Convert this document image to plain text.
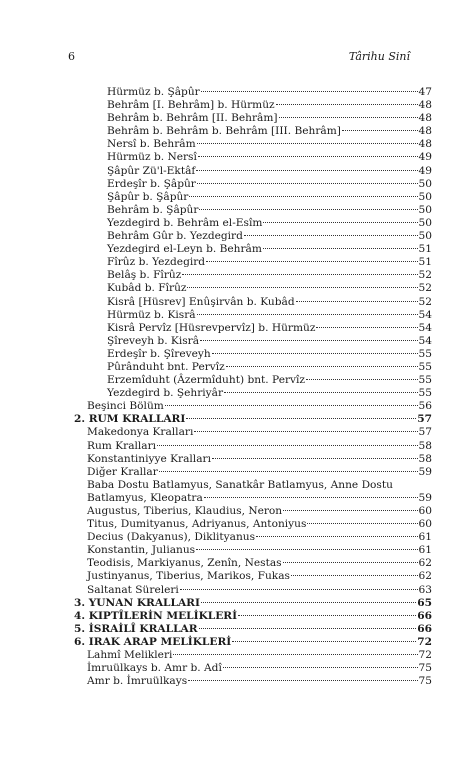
6	Târihu Sinî
Hürmüz b. Şâpûr	47
Behrâm [I. Behrâm] b. Hürmüz	48
Behrâm b. Behrâm [II. Behrâm]	48
Behrâm b. Behrâm b. Behrâm [III. Behrâm]	48
Nersî b. Behrâm	48
Hürmüz b. Nersî	49
Şâpûr Zü'l-Ektâf	49
Erdeşîr b. Şâpûr	50
Şâpûr b. Şâpûr	50
Behrâm b. Şâpûr	50
Yezdegird b. Behrâm el-Esîm	50
Behrâm Gûr b. Yezdegird	50
Yezdegird el-Leyn b. Behrâm	51
Fîrûz b. Yezdegird	51
Belâş b. Fîrûz	52
Kubâd b. Fîrûz	52
Kisrâ [Hüsrev] Enûşirvân b. Kubâd	52
Hürmüz b. Kisrâ	54
Kisrâ Pervîz [Hüsrevpervîz] b. Hürmüz	54
Şîreveyh b. Kisrâ	54
Erdeşîr b. Şîreveyh	55
Pûrânduht bnt. Pervîz	55
Erzemîduht (Âzermîduht) bnt. Pervîz	55
Yezdegird b. Şehriyâr	55
Beşinci Bölüm	56
2. RUM KRALLARI	57
Makedonya Kralları	57
Rum Kralları	58
Konstantiniyye Kralları	58
Diğer Krallar	59
Baba Dostu Batlamyus, Sanatkâr Batlamyus, Anne Dostu
Batlamyus, Kleopatra	59
Augustus, Tiberius, Klaudius, Neron	60
Titus, Dumityanus, Adriyanus, Antoniyus	60
Decius (Dakyanus), Diklityanus	61
Konstantin, Julianus	61
Teodisis, Markiyanus, Zenîn, Nestas	62
Justinyanus, Tiberius, Marikos, Fukas	62
Saltanat Süreleri	63
3. YUNAN KRALLARI	65
4. KIPTÎLERİN MELİKLERİ	66
5. İSRAİLÎ KRALLAR	66
6. IRAK ARAP MELİKLERİ	72
Lahmî Melikleri	72
İmruülkays b. Amr b. Adî	75
Amr b. İmruülkays	75
